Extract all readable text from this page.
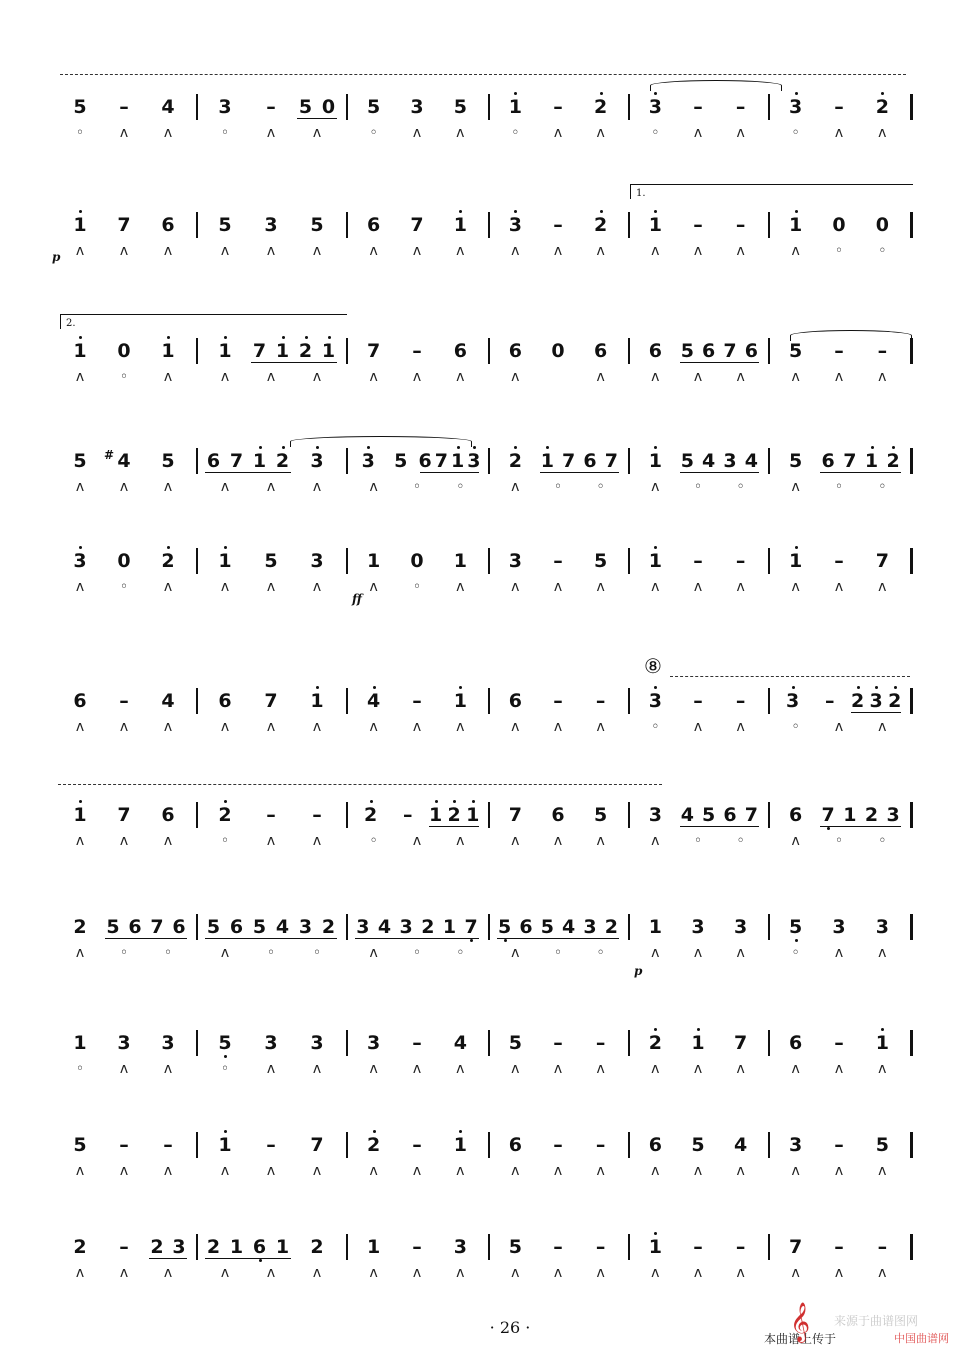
5	–	4
◦	ʌ	ʌ
3	–	5 0
◦	ʌ	ʌ
5 3 5
◦	ʌ	ʌ
1	–	2
◦	ʌ	ʌ
3	–	–
◦	ʌ	ʌ
3	–	2
◦	ʌ	ʌ
1 7 6
ʌ	ʌ	ʌ
5 3 5
ʌ	ʌ	ʌ
6 7 1
ʌ	ʌ	ʌ
3	–	2
ʌ	ʌ	ʌ
1	–	–
ʌ	ʌ	ʌ
1 0 0
ʌ	◦	◦
1 0 1
ʌ	◦	ʌ
1 7 1 2 1
ʌ	ʌ	ʌ
7	–	6
ʌ	ʌ	ʌ
6 0 6
ʌ	ʌ
6 5 6 7 6
ʌ	ʌ	ʌ
5	–	–
ʌ	ʌ	ʌ
5 4
# 5
ʌ	ʌ	ʌ
6 7 1 2 3
ʌ	ʌ	ʌ
3 5 6 7 1 3
ʌ	◦	◦
2 1 7 6 7
ʌ	◦	◦
1 5 4 3 4
ʌ	◦	◦
5 6 7 1 2
ʌ	◦	◦
3 0 2
ʌ	◦	ʌ
1 5 3
ʌ	ʌ	ʌ
1 0 1
ʌ	◦	ʌ
3	–	5
ʌ	ʌ	ʌ
1	–	–
ʌ	ʌ	ʌ
1	–	7
ʌ	ʌ	ʌ
6	–	4
ʌ	ʌ	ʌ
6 7 1
ʌ	ʌ	ʌ
4	–	1
ʌ	ʌ	ʌ
6	–	–
ʌ	ʌ	ʌ
3	–	–
◦	ʌ	ʌ
3	– 2 3 2
◦	ʌ	ʌ
1 7 6
ʌ	ʌ	ʌ
2	–	–
◦	ʌ	ʌ
2	– 1 2 1
◦	ʌ	ʌ
7 6 5
ʌ	ʌ	ʌ
3 4 5 6 7
ʌ	◦	◦
6 7 1 2 3
ʌ	◦	◦
2 5 6 7 6
ʌ	◦	◦
5 6 5 4 3 2
ʌ	◦	◦
3 4 3 2 1 7
ʌ	◦	◦
5 6 5 4 3 2
ʌ	◦	◦
1 3 3
ʌ	ʌ	ʌ
5 3 3
◦	ʌ	ʌ
1 3 3
◦	ʌ	ʌ
5 3 3
◦	ʌ	ʌ
3	–	4
ʌ	ʌ	ʌ
5	–	–
ʌ	ʌ	ʌ
2 1 7
ʌ	ʌ	ʌ
6	–	1
ʌ	ʌ	ʌ
5	–	–
ʌ	ʌ	ʌ
1	–	7
ʌ	ʌ	ʌ
2	–	1
ʌ	ʌ	ʌ
6	–	–
ʌ	ʌ	ʌ
6 5 4
ʌ	ʌ	ʌ
3	–	5
ʌ	ʌ	ʌ
2	–	2 3
ʌ	ʌ	ʌ
2 1 6 1 2
ʌ	ʌ	ʌ
1	–	3
ʌ	ʌ	ʌ
5	–	–
ʌ	ʌ	ʌ
1	–	–
ʌ	ʌ	ʌ
7	–	–
ʌ	ʌ	ʌ
p
ff
p
1.
2.
⑧
· 26 ·
本曲谱上传于
𝄞 来源于曲谱图网
中国曲谱网
